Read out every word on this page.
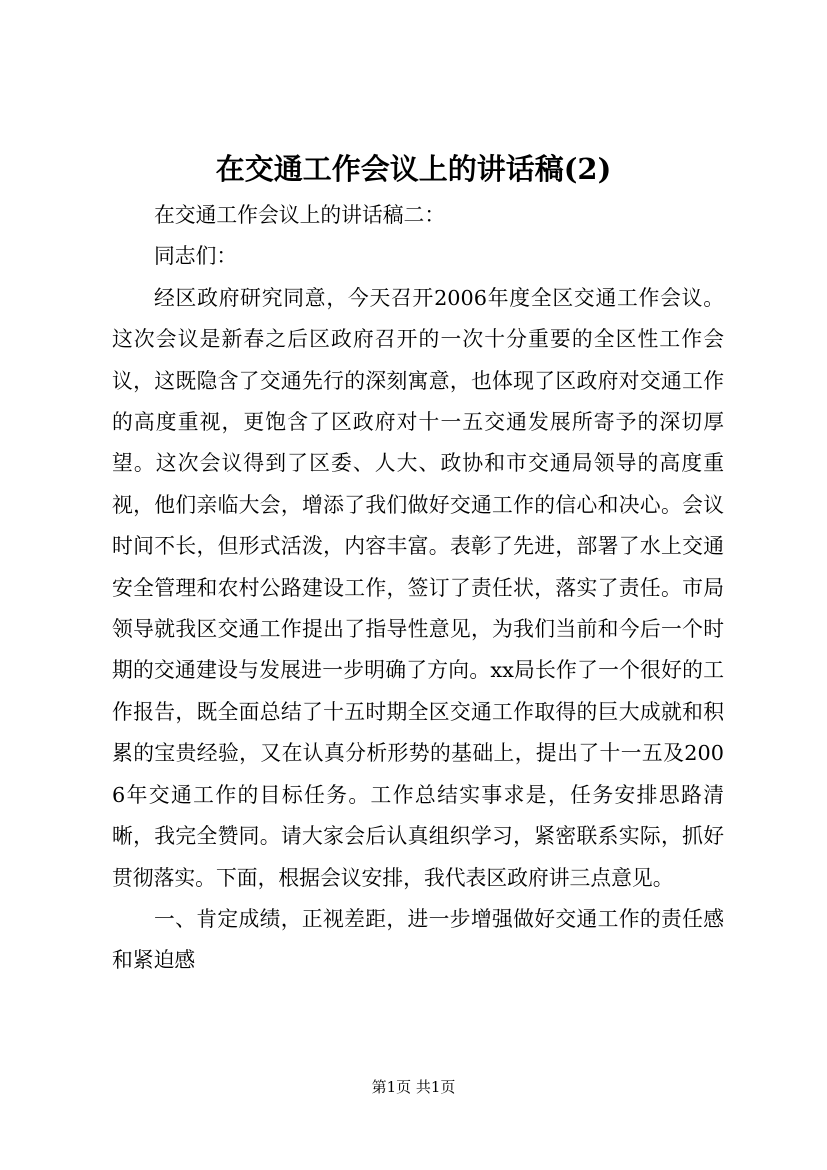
在交通工作会议上的讲话稿(2)

在交通工作会议上的讲话稿二：

同志们：

经区政府研究同意，今天召开2006年度全区交通工作会议。这次会议是新春之后区政府召开的一次十分重要的全区性工作会议，这既隐含了交通先行的深刻寓意，也体现了区政府对交通工作的高度重视，更饱含了区政府对十一五交通发展所寄予的深切厚望。这次会议得到了区委、人大、政协和市交通局领导的高度重视，他们亲临大会，增添了我们做好交通工作的信心和决心。会议时间不长，但形式活泼，内容丰富。表彰了先进，部署了水上交通安全管理和农村公路建设工作，签订了责任状，落实了责任。市局领导就我区交通工作提出了指导性意见，为我们当前和今后一个时期的交通建设与发展进一步明确了方向。xx局长作了一个很好的工作报告，既全面总结了十五时期全区交通工作取得的巨大成就和积累的宝贵经验，又在认真分析形势的基础上，提出了十一五及2006年交通工作的目标任务。工作总结实事求是，任务安排思路清晰，我完全赞同。请大家会后认真组织学习，紧密联系实际，抓好贯彻落实。下面，根据会议安排，我代表区政府讲三点意见。

一、肯定成绩，正视差距，进一步增强做好交通工作的责任感和紧迫感

第1页 共1页
